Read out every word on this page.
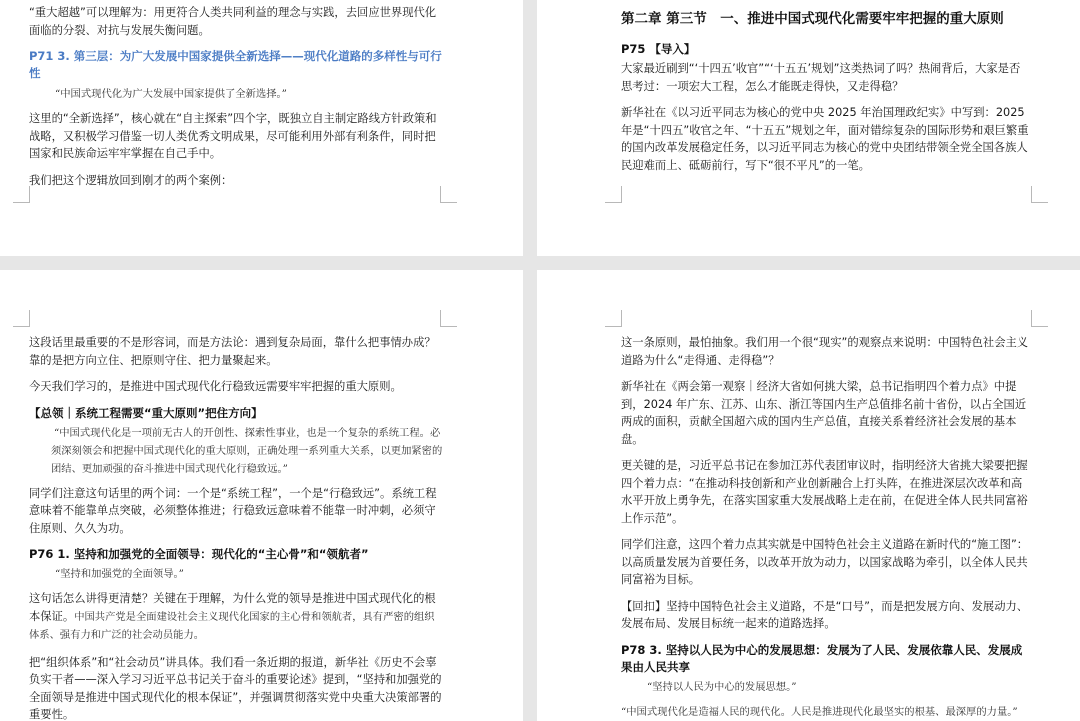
“重大超越”可以理解为：用更符合人类共同利益的理念与实践，去回应世界现代化面临的分裂、对抗与发展失衡问题。

P71 3. 第三层：为广大发展中国家提供全新选择——现代化道路的多样性与可行性
“中国式现代化为广大发展中国家提供了全新选择。”

这里的“全新选择”，核心就在“自主探索”四个字，既独立自主制定路线方针政策和战略，又积极学习借鉴一切人类优秀文明成果，尽可能利用外部有利条件，同时把国家和民族命运牢牢掌握在自己手中。

我们把这个逻辑放回到刚才的两个案例：

第二章 第三节　一、推进中国式现代化需要牢牢把握的重大原则
P75 【导入】

大家最近刷到“‘十四五’收官”“‘十五五’规划”这类热词了吗？热闹背后，大家是否思考过：一项宏大工程，怎么才能既走得快，又走得稳？

新华社在《以习近平同志为核心的党中央 2025 年治国理政纪实》中写到：2025 年是“十四五”收官之年、“十五五”规划之年，面对错综复杂的国际形势和艰巨繁重的国内改革发展稳定任务，以习近平同志为核心的党中央团结带领全党全国各族人民迎难而上、砥砺前行，写下“很不平凡”的一笔。

这段话里最重要的不是形容词，而是方法论：遇到复杂局面，靠什么把事情办成？靠的是把方向立住、把原则守住、把力量聚起来。

今天我们学习的，是推进中国式现代化行稳致远需要牢牢把握的重大原则。

【总领｜系统工程需要“重大原则”把住方向】
“中国式现代化是一项前无古人的开创性、探索性事业，也是一个复杂的系统工程。必须深刻领会和把握中国式现代化的重大原则，正确处理一系列重大关系，以更加紧密的团结、更加顽强的奋斗推进中国式现代化行稳致远。”

同学们注意这句话里的两个词：一个是“系统工程”，一个是“行稳致远”。系统工程意味着不能靠单点突破，必须整体推进；行稳致远意味着不能靠一时冲刺，必须守住原则、久久为功。

P76 1. 坚持和加强党的全面领导：现代化的“主心骨”和“领航者”
“坚持和加强党的全面领导。”

这句话怎么讲得更清楚？关键在于理解，为什么党的领导是推进中国式现代化的根本保证。中国共产党是全面建设社会主义现代化国家的主心骨和领航者，具有严密的组织体系、强有力和广泛的社会动员能力。

把“组织体系”和“社会动员”讲具体。我们看一条近期的报道，新华社《历史不会辜负实干者——深入学习习近平总书记关于奋斗的重要论述》提到，“坚持和加强党的全面领导是推进中国式现代化的根本保证”，并强调贯彻落实党中央重大决策部署的重要性。

这一条原则，最怕抽象。我们用一个很“现实”的观察点来说明：中国特色社会主义道路为什么“走得通、走得稳”？

新华社在《两会第一观察｜经济大省如何挑大梁，总书记指明四个着力点》中提到，2024 年广东、江苏、山东、浙江等国内生产总值排名前十省份，以占全国近两成的面积，贡献全国超六成的国内生产总值，直接关系着经济社会发展的基本盘。

更关键的是，习近平总书记在参加江苏代表团审议时，指明经济大省挑大梁要把握四个着力点：“在推动科技创新和产业创新融合上打头阵，在推进深层次改革和高水平开放上勇争先，在落实国家重大发展战略上走在前，在促进全体人民共同富裕上作示范”。

同学们注意，这四个着力点其实就是中国特色社会主义道路在新时代的“施工图”：以高质量发展为首要任务，以改革开放为动力，以国家战略为牵引，以全体人民共同富裕为目标。

【回扣】坚持中国特色社会主义道路，不是“口号”，而是把发展方向、发展动力、发展布局、发展目标统一起来的道路选择。

P78 3. 坚持以人民为中心的发展思想：发展为了人民、发展依靠人民、发展成果由人民共享
“坚持以人民为中心的发展思想。”
“中国式现代化是造福人民的现代化。人民是推进现代化最坚实的根基、最深厚的力量。”
